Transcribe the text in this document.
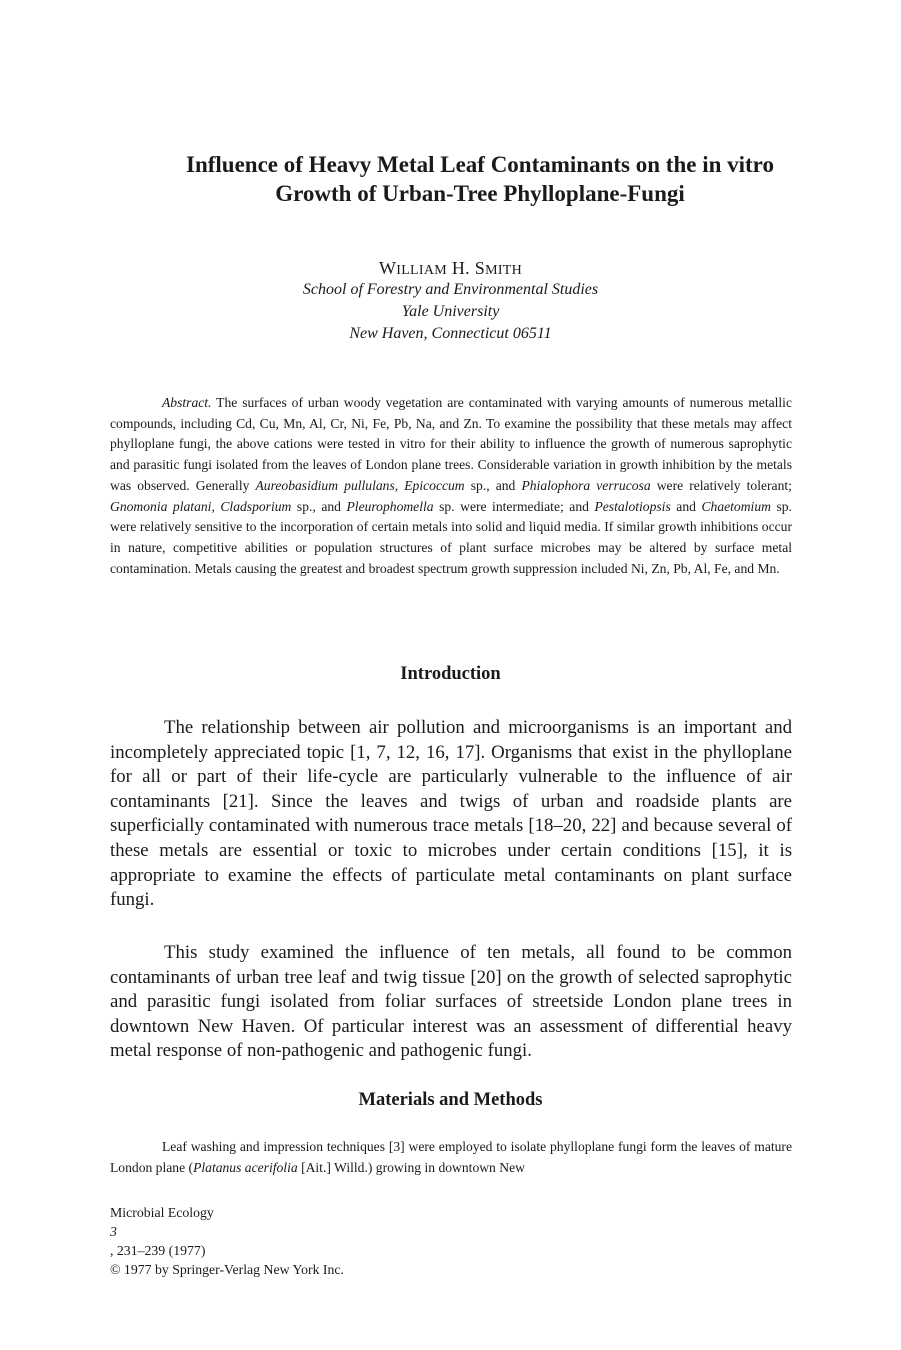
Influence of Heavy Metal Leaf Contaminants on the in vitro
Growth of Urban-Tree Phylloplane-Fungi
WILLIAM H. SMITH
School of Forestry and Environmental Studies
Yale University
New Haven, Connecticut 06511

Abstract. The surfaces of urban woody vegetation are contaminated with varying amounts of numerous metallic compounds, including Cd, Cu, Mn, Al, Cr, Ni, Fe, Pb, Na, and Zn. To examine the possibility that these metals may affect phylloplane fungi, the above cations were tested in vitro for their ability to influence the growth of numerous saprophytic and parasitic fungi isolated from the leaves of London plane trees. Considerable variation in growth inhibition by the metals was observed. Generally Aureobasidium pullulans, Epicoccum sp., and Phialophora verrucosa were relatively tolerant; Gnomonia platani, Cladsporium sp., and Pleurophomella sp. were intermediate; and Pestalotiopsis and Chaetomium sp. were relatively sensitive to the incorporation of certain metals into solid and liquid media. If similar growth inhibitions occur in nature, competitive abilities or population structures of plant surface microbes may be altered by surface metal contamination. Metals causing the greatest and broadest spectrum growth suppression included Ni, Zn, Pb, Al, Fe, and Mn.

Introduction

The relationship between air pollution and microorganisms is an important and incompletely appreciated topic [1, 7, 12, 16, 17]. Organisms that exist in the phylloplane for all or part of their life-cycle are particularly vulnerable to the influence of air contaminants [21]. Since the leaves and twigs of urban and roadside plants are superficially contaminated with numerous trace metals [18–20, 22] and because several of these metals are essential or toxic to microbes under certain conditions [15], it is appropriate to examine the effects of particulate metal contaminants on plant surface fungi.

This study examined the influence of ten metals, all found to be common contaminants of urban tree leaf and twig tissue [20] on the growth of selected saprophytic and parasitic fungi isolated from foliar surfaces of streetside London plane trees in downtown New Haven. Of particular interest was an assessment of differential heavy metal response of non-pathogenic and pathogenic fungi.

Materials and Methods

Leaf washing and impression techniques [3] were employed to isolate phylloplane fungi form the leaves of mature London plane (Platanus acerifolia [Ait.] Willd.) growing in downtown New

Microbial Ecology
3
, 231–239 (1977)
© 1977 by Springer-Verlag New York Inc.
